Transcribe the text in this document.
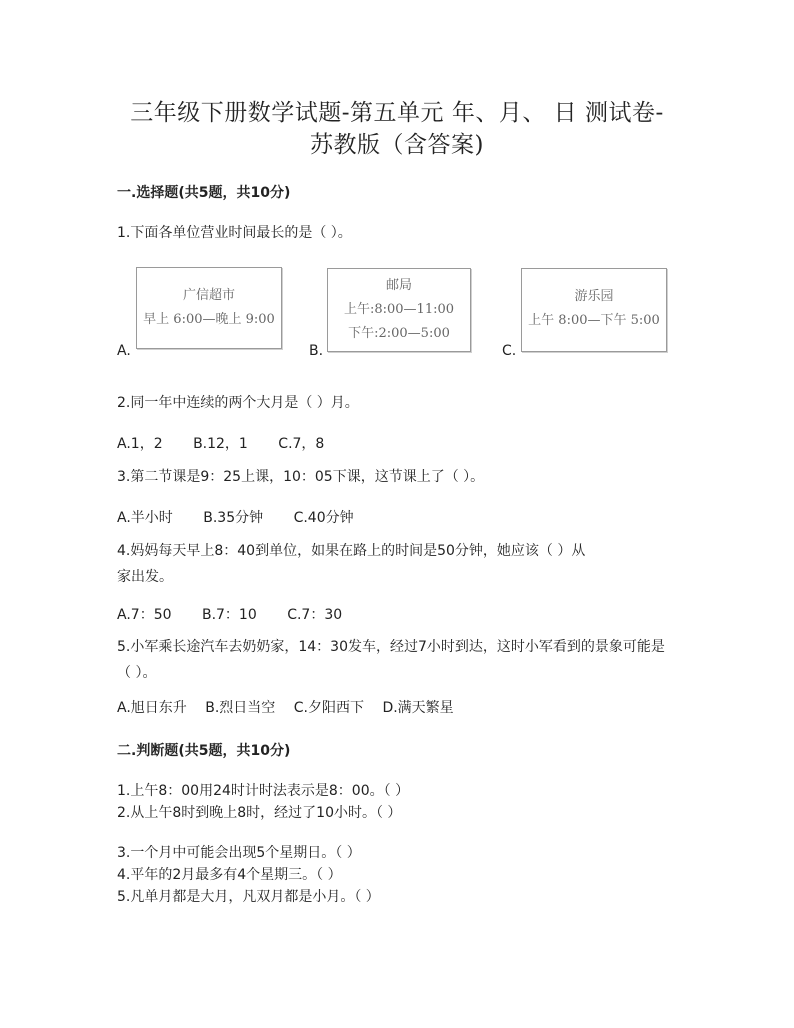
三年级下册数学试题-第五单元 年、月、 日 测试卷-
苏教版（含答案)
一.选择题(共5题，共10分)
1.下面各单位营业时间最长的是（ ）。
A.
广信超市
早上 6:00—晚上 9:00
B.
邮局
上午:8:00—11:00
下午:2:00—5:00
C.
游乐园
上午 8:00—下午 5:00
2.同一年中连续的两个大月是（ ）月。
A.1，2 B.12，1 C.7，8
3.第二节课是9：25上课，10：05下课，这节课上了（ ）。
A.半小时 B.35分钟 C.40分钟
4.妈妈每天早上8：40到单位，如果在路上的时间是50分钟，她应该（ ）从家出发。
A.7：50 B.7：10 C.7：30
5.小军乘长途汽车去奶奶家，14：30发车，经过7小时到达，这时小军看到的景象可能是（ ）。
A.旭日东升 B.烈日当空 C.夕阳西下 D.满天繁星
二.判断题(共5题，共10分)
1.上午8：00用24时计时法表示是8：00。（ ）
2.从上午8时到晚上8时，经过了10小时。（ ）
3.一个月中可能会出现5个星期日。（ ）
4.平年的2月最多有4个星期三。（ ）
5.凡单月都是大月，凡双月都是小月。（ ）
